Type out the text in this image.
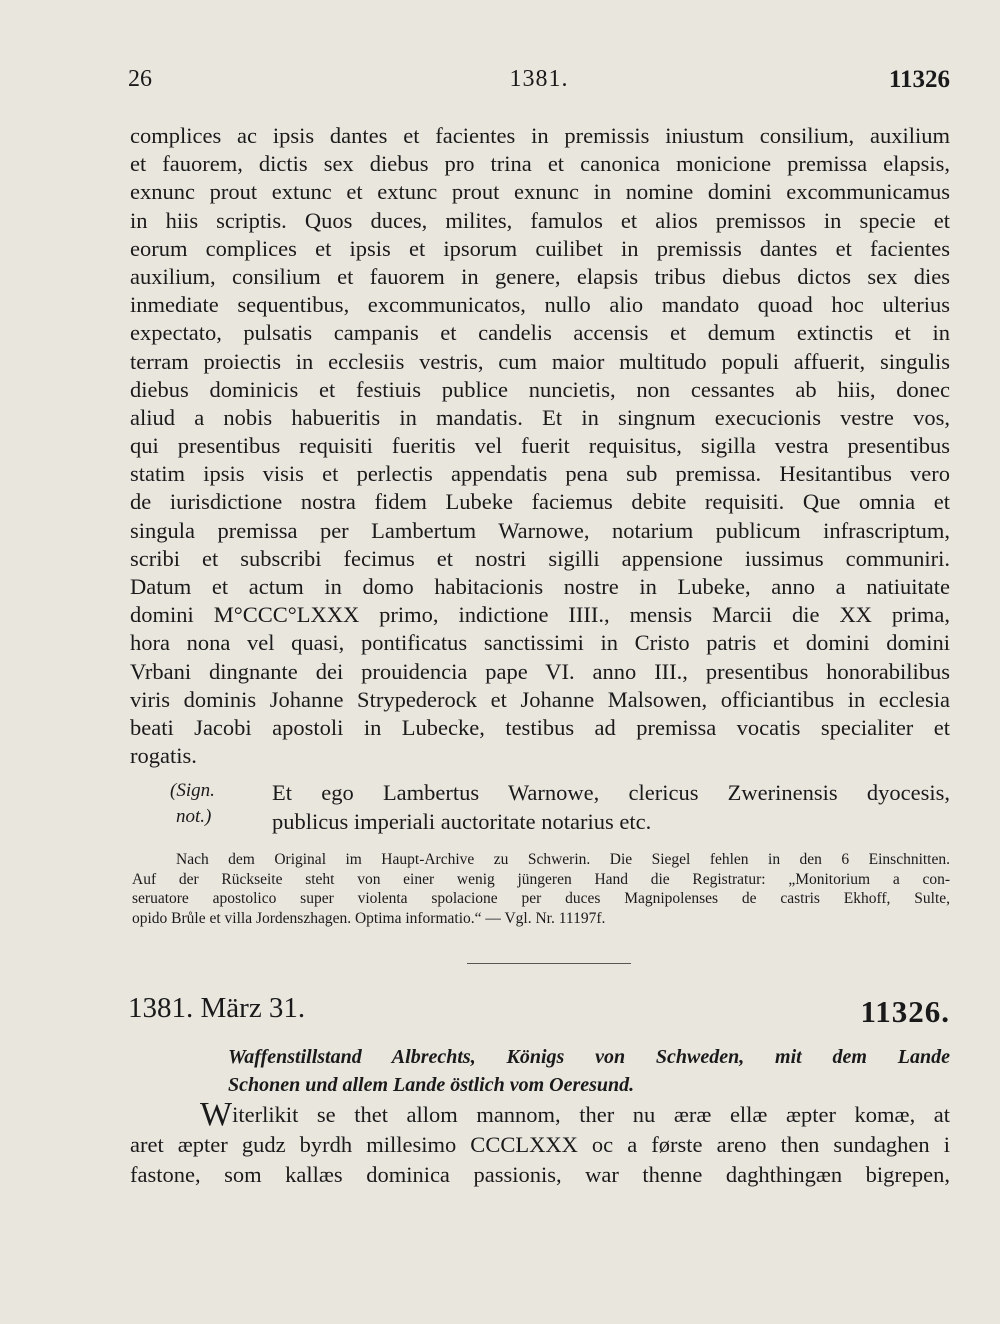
26	1381.	11326
complices ac ipsis dantes et facientes in premissis iniustum consilium, auxilium
et fauorem, dictis sex diebus pro trina et canonica monicione premissa elapsis,
exnunc prout extunc et extunc prout exnunc in nomine domini excommunicamus
in hiis scriptis. Quos duces, milites, famulos et alios premissos in specie et
eorum complices et ipsis et ipsorum cuilibet in premissis dantes et facientes
auxilium, consilium et fauorem in genere, elapsis tribus diebus dictos sex dies
inmediate sequentibus, excommunicatos, nullo alio mandato quoad hoc ulterius
expectato, pulsatis campanis et candelis accensis et demum extinctis et in
terram proiectis in ecclesiis vestris, cum maior multitudo populi affuerit, singulis
diebus dominicis et festiuis publice nuncietis, non cessantes ab hiis, donec
aliud a nobis habueritis in mandatis. Et in singnum execucionis vestre vos,
qui presentibus requisiti fueritis vel fuerit requisitus, sigilla vestra presentibus
statim ipsis visis et perlectis appendatis pena sub premissa. Hesitantibus vero
de iurisdictione nostra fidem Lubeke faciemus debite requisiti. Que omnia et
singula premissa per Lambertum Warnowe, notarium publicum infrascriptum,
scribi et subscribi fecimus et nostri sigilli appensione iussimus communiri.
Datum et actum in domo habitacionis nostre in Lubeke, anno a natiuitate
domini M°CCC°LXXX primo, indictione IIII., mensis Marcii die XX prima,
hora nona vel quasi, pontificatus sanctissimi in Cristo patris et domini domini
Vrbani dingnante dei prouidencia pape VI. anno III., presentibus honorabilibus
viris dominis Johanne Strypederock et Johanne Malsowen, officiantibus in ecclesia
beati Jacobi apostoli in Lubecke, testibus ad premissa vocatis specialiter et
rogatis.
(Sign.
not.)
Et ego Lambertus Warnowe, clericus Zwerinensis dyocesis,
publicus imperiali auctoritate notarius etc.
Nach dem Original im Haupt-Archive zu Schwerin. Die Siegel fehlen in den 6 Einschnitten.
Auf der Rückseite steht von einer wenig jüngeren Hand die Registratur: „Monitorium a con-
seruatore apostolico super violenta spolacione per duces Magnipolenses de castris Ekhoff, Sulte,
opido Brůle et villa Jordenszhagen. Optima informatio.“ — Vgl. Nr. 11197f.
1381. März 31.	11326.
Waffenstillstand Albrechts, Königs von Schweden, mit dem Lande
Schonen und allem Lande östlich vom Oeresund.
W iterlikit se thet allom mannom, ther nu æræ ellæ æpter komæ, at
aret æpter gudz byrdh millesimo CCCLXXX oc a første areno then sundaghen i
fastone, som kallæs dominica passionis, war thenne daghthingæn bigrepen,
